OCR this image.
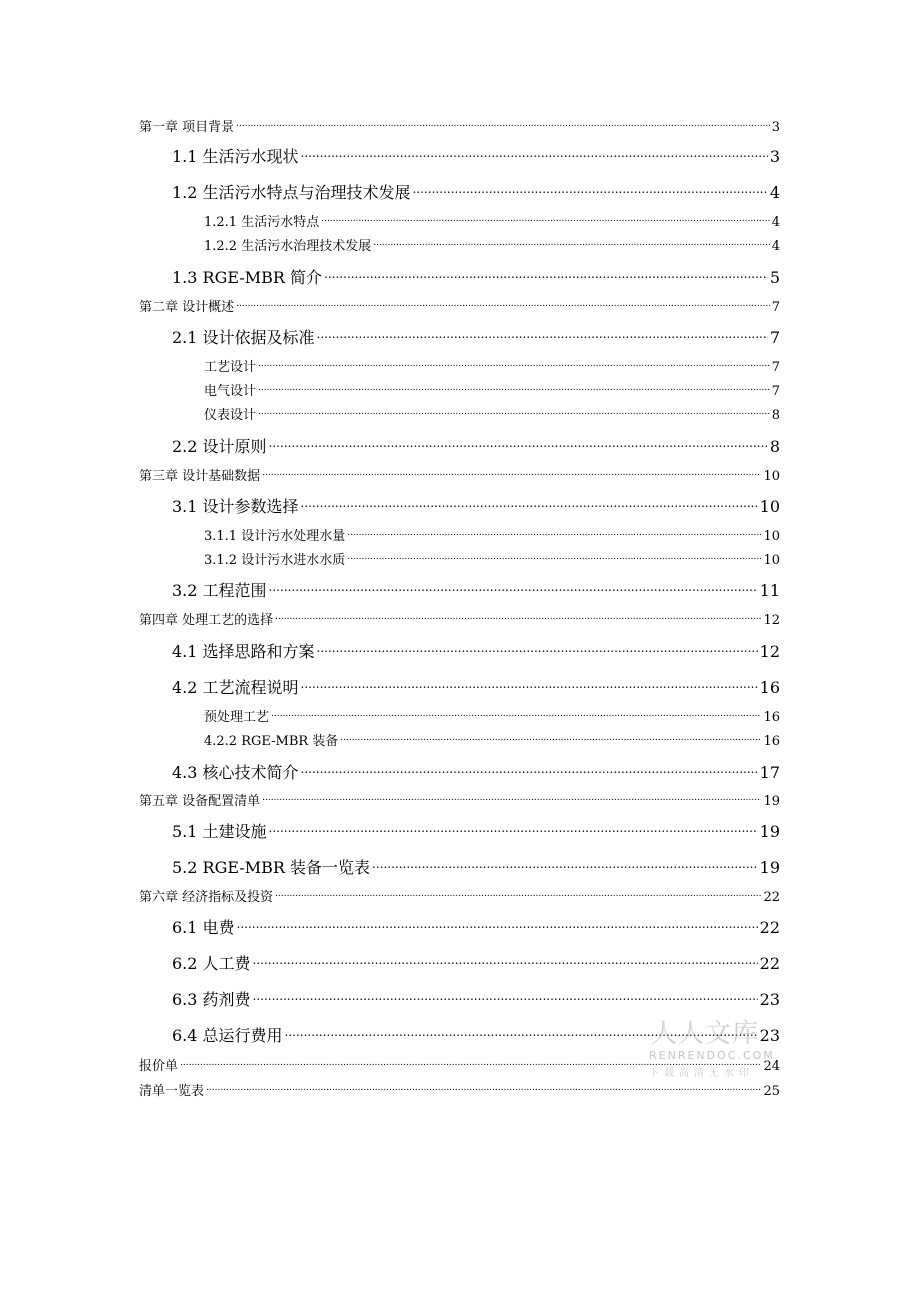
第一章 项目背景 .....	3
1.1 生活污水现状 .....	3
1.2 生活污水特点与治理技术发展 .....	4
1.2.1 生活污水特点 .....	4
1.2.2 生活污水治理技术发展 .....	4
1.3 RGE-MBR 简介 .....	5
第二章 设计概述 .....	7
2.1 设计依据及标准 .....	7
工艺设计 .....	7
电气设计 .....	7
仪表设计 .....	8
2.2 设计原则 .....	8
第三章 设计基础数据 .....	10
3.1 设计参数选择 .....	10
3.1.1 设计污水处理水量 .....	10
3.1.2 设计污水进水水质 .....	10
3.2 工程范围 .....	11
第四章 处理工艺的选择 .....	12
4.1 选择思路和方案 .....	12
4.2 工艺流程说明 .....	16
预处理工艺 .....	16
4.2.2 RGE-MBR 装备 .....	16
4.3 核心技术简介 .....	17
第五章 设备配置清单 .....	19
5.1 土建设施 .....	19
5.2 RGE-MBR 装备一览表 .....	19
第六章 经济指标及投资 .....	22
6.1 电费 .....	22
6.2 人工费 .....	22
6.3 药剂费 .....	23
6.4 总运行费用 .....	23
报价单 .....	24
清单一览表 .....	25
人人文库
RENRENDOC.COM
下载高清无水印
